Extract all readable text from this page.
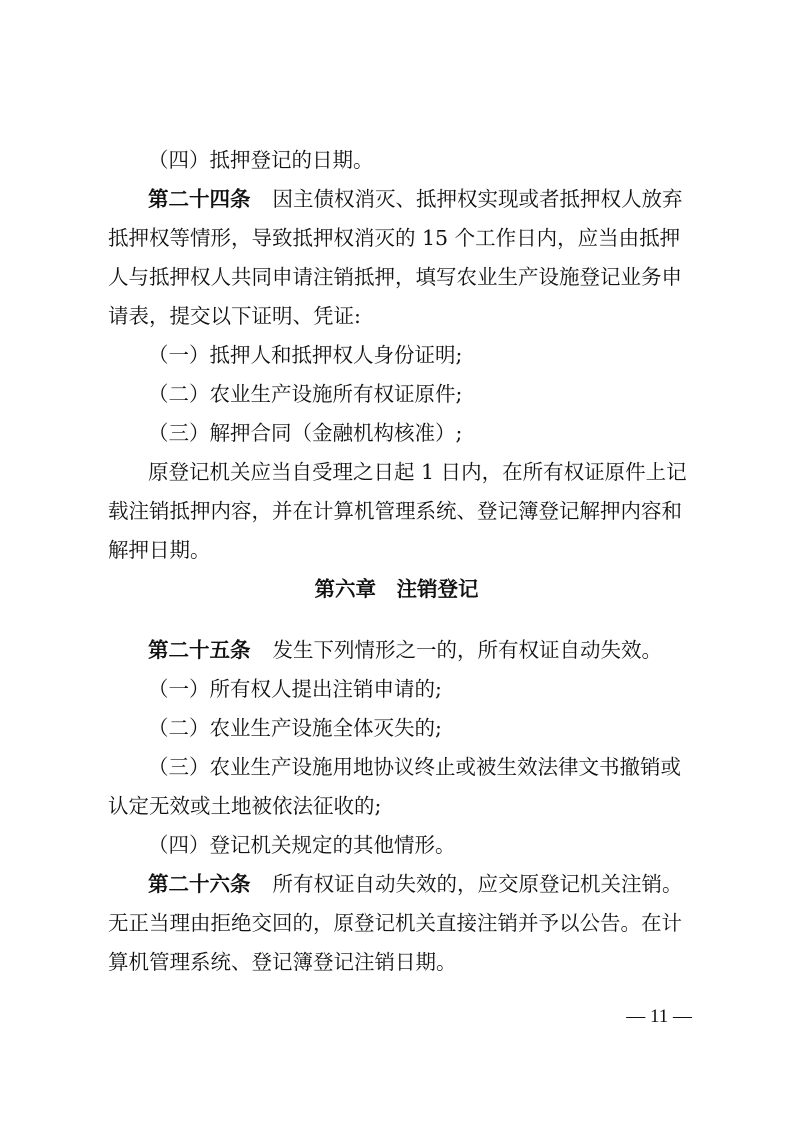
（四）抵押登记的日期。
第二十四条 因主债权消灭、抵押权实现或者抵押权人放弃
抵押权等情形，导致抵押权消灭的 15 个工作日内，应当由抵押
人与抵押权人共同申请注销抵押，填写农业生产设施登记业务申
请表，提交以下证明、凭证:
（一）抵押人和抵押权人身份证明;
（二）农业生产设施所有权证原件;
（三）解押合同（金融机构核准）;
原登记机关应当自受理之日起 1 日内，在所有权证原件上记
载注销抵押内容，并在计算机管理系统、登记簿登记解押内容和
解押日期。
第六章　注销登记
第二十五条 发生下列情形之一的，所有权证自动失效。
（一）所有权人提出注销申请的;
（二）农业生产设施全体灭失的;
（三）农业生产设施用地协议终止或被生效法律文书撤销或
认定无效或土地被依法征收的;
（四）登记机关规定的其他情形。
第二十六条 所有权证自动失效的，应交原登记机关注销。
无正当理由拒绝交回的，原登记机关直接注销并予以公告。在计
算机管理系统、登记簿登记注销日期。
— 11 —
